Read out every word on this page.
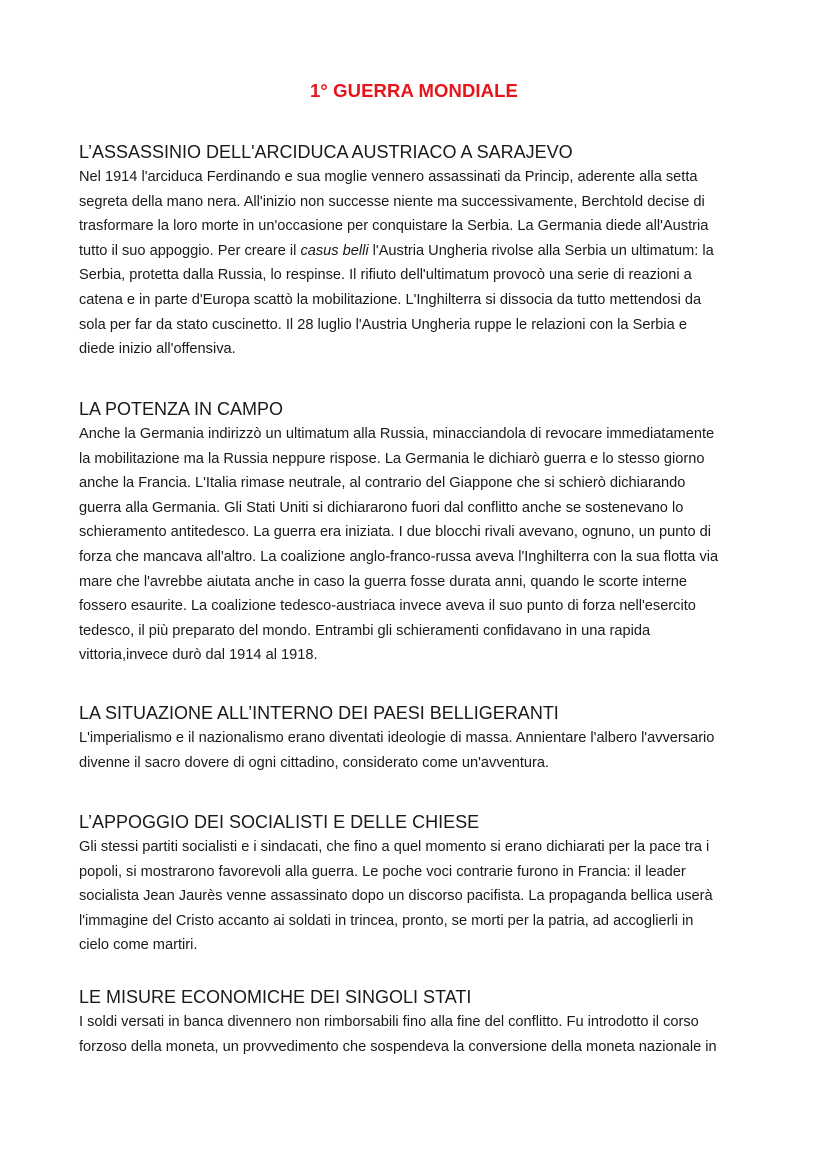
1° GUERRA MONDIALE
L’ASSASSINIO DELL'ARCIDUCA AUSTRIACO A SARAJEVO
Nel 1914 l'arciduca Ferdinando e sua moglie vennero assassinati da Princip, aderente alla setta
segreta della mano nera. All'inizio non successe niente ma successivamente, Berchtold decise di
trasformare la loro morte in un'occasione per conquistare la Serbia. La Germania diede all'Austria
tutto il suo appoggio. Per creare il casus belli l'Austria Ungheria rivolse alla Serbia un ultimatum: la
Serbia, protetta dalla Russia, lo respinse. Il rifiuto dell'ultimatum provocò una serie di reazioni a
catena e in parte d'Europa scattò la mobilitazione. L'Inghilterra si dissocia da tutto mettendosi da
sola per far da stato cuscinetto. Il 28 luglio l'Austria Ungheria ruppe le relazioni con la Serbia e
diede inizio all'offensiva.
LA POTENZA IN CAMPO
Anche la Germania indirizzò un ultimatum alla Russia, minacciandola di revocare immediatamente
la mobilitazione ma la Russia neppure rispose. La Germania le dichiarò guerra e lo stesso giorno
anche la Francia. L'Italia rimase neutrale, al contrario del Giappone che si schierò dichiarando
guerra alla Germania. Gli Stati Uniti si dichiararono fuori dal conflitto anche se sostenevano lo
schieramento antitedesco. La guerra era iniziata. I due blocchi rivali avevano, ognuno, un punto di
forza che mancava all'altro. La coalizione anglo-franco-russa aveva l'Inghilterra con la sua flotta via
mare che l'avrebbe aiutata anche in caso la guerra fosse durata anni, quando le scorte interne
fossero esaurite. La coalizione tedesco-austriaca invece aveva il suo punto di forza nell'esercito
tedesco, il più preparato del mondo. Entrambi gli schieramenti confidavano in una rapida
vittoria,invece durò dal 1914 al 1918.
LA SITUAZIONE ALL’INTERNO DEI PAESI BELLIGERANTI
L'imperialismo e il nazionalismo erano diventati ideologie di massa. Annientare l'albero l'avversario
divenne il sacro dovere di ogni cittadino, considerato come un'avventura.
L’APPOGGIO DEI SOCIALISTI E DELLE CHIESE
Gli stessi partiti socialisti e i sindacati, che fino a quel momento si erano dichiarati per la pace tra i
popoli, si mostrarono favorevoli alla guerra. Le poche voci contrarie furono in Francia: il leader
socialista Jean Jaurès venne assassinato dopo un discorso pacifista. La propaganda bellica userà
l'immagine del Cristo accanto ai soldati in trincea, pronto, se morti per la patria, ad accoglierli in
cielo come martiri.
LE MISURE ECONOMICHE DEI SINGOLI STATI
I soldi versati in banca divennero non rimborsabili fino alla fine del conflitto. Fu introdotto il corso
forzoso della moneta, un provvedimento che sospendeva la conversione della moneta nazionale in
